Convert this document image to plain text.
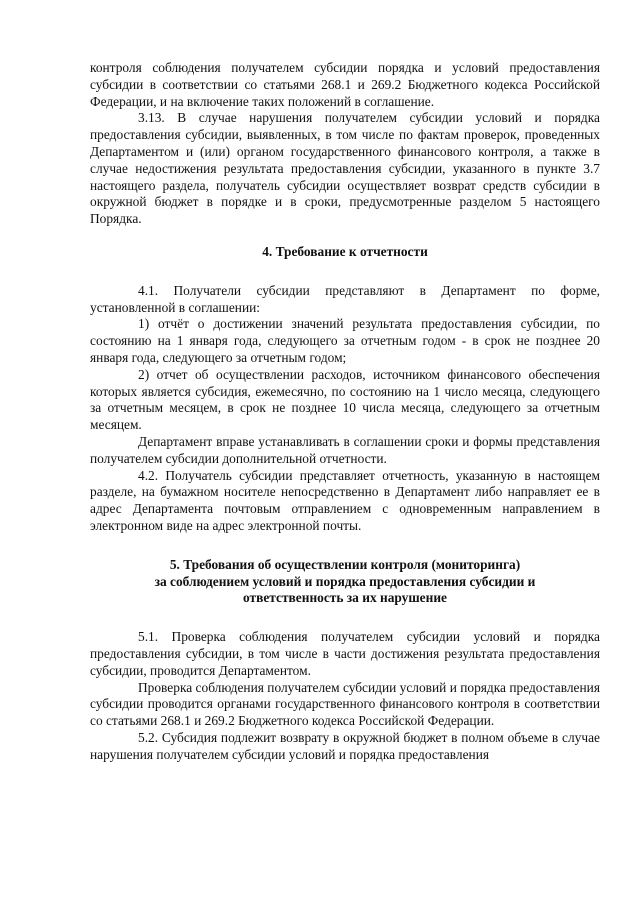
контроля соблюдения получателем субсидии порядка и условий предоставления субсидии в соответствии со статьями 268.1 и 269.2 Бюджетного кодекса Российской Федерации, и на включение таких положений в соглашение.

3.13. В случае нарушения получателем субсидии условий и порядка предоставления субсидии, выявленных, в том числе по фактам проверок, проведенных Департаментом и (или) органом государственного финансового контроля, а также в случае недостижения результата предоставления субсидии, указанного в пункте 3.7 настоящего раздела, получатель субсидии осуществляет возврат средств субсидии в окружной бюджет в порядке и в сроки, предусмотренные разделом 5 настоящего Порядка.

4. Требование к отчетности

4.1. Получатели субсидии представляют в Департамент по форме, установленной в соглашении:

1) отчёт о достижении значений результата предоставления субсидии, по состоянию на 1 января года, следующего за отчетным годом - в срок не позднее 20 января года, следующего за отчетным годом;

2) отчет об осуществлении расходов, источником финансового обеспечения которых является субсидия, ежемесячно, по состоянию на 1 число месяца, следующего за отчетным месяцем, в срок не позднее 10 числа месяца, следующего за отчетным месяцем.

Департамент вправе устанавливать в соглашении сроки и формы представления получателем субсидии дополнительной отчетности.

4.2. Получатель субсидии представляет отчетность, указанную в настоящем разделе, на бумажном носителе непосредственно в Департамент либо направляет ее в адрес Департамента почтовым отправлением с одновременным направлением в электронном виде на адрес электронной почты.

5. Требования об осуществлении контроля (мониторинга)
за соблюдением условий и порядка предоставления субсидии и
ответственность за их нарушение

5.1. Проверка соблюдения получателем субсидии условий и порядка предоставления субсидии, в том числе в части достижения результата предоставления субсидии, проводится Департаментом.

Проверка соблюдения получателем субсидии условий и порядка предоставления субсидии проводится органами государственного финансового контроля в соответствии со статьями 268.1 и 269.2 Бюджетного кодекса Российской Федерации.

5.2. Субсидия подлежит возврату в окружной бюджет в полном объеме в случае нарушения получателем субсидии условий и порядка предоставления
